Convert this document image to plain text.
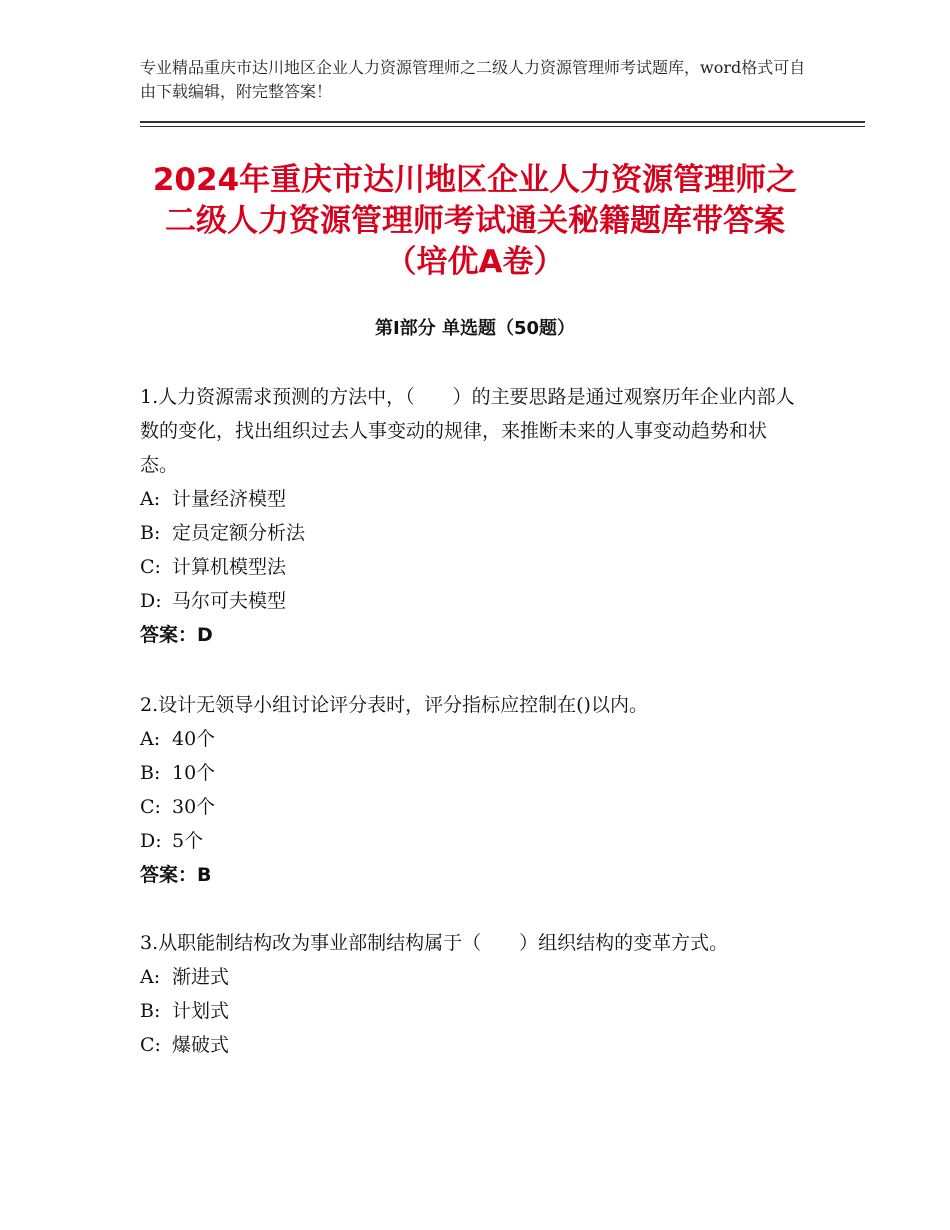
专业精品重庆市达川地区企业人力资源管理师之二级人力资源管理师考试题库，word格式可自由下载编辑，附完整答案！
2024年重庆市达川地区企业人力资源管理师之二级人力资源管理师考试通关秘籍题库带答案（培优A卷）
第Ⅰ部分 单选题（50题）

1.人力资源需求预测的方法中，（　　）的主要思路是通过观察历年企业内部人数的变化，找出组织过去人事变动的规律，来推断未来的人事变动趋势和状态。

A: 计量经济模型

B: 定员定额分析法

C: 计算机模型法

D: 马尔可夫模型

答案：D

2.设计无领导小组讨论评分表时，评分指标应控制在()以内。

A: 40个

B: 10个

C: 30个

D: 5个

答案：B

3.从职能制结构改为事业部制结构属于（　　）组织结构的变革方式。

A: 渐进式

B: 计划式

C: 爆破式
